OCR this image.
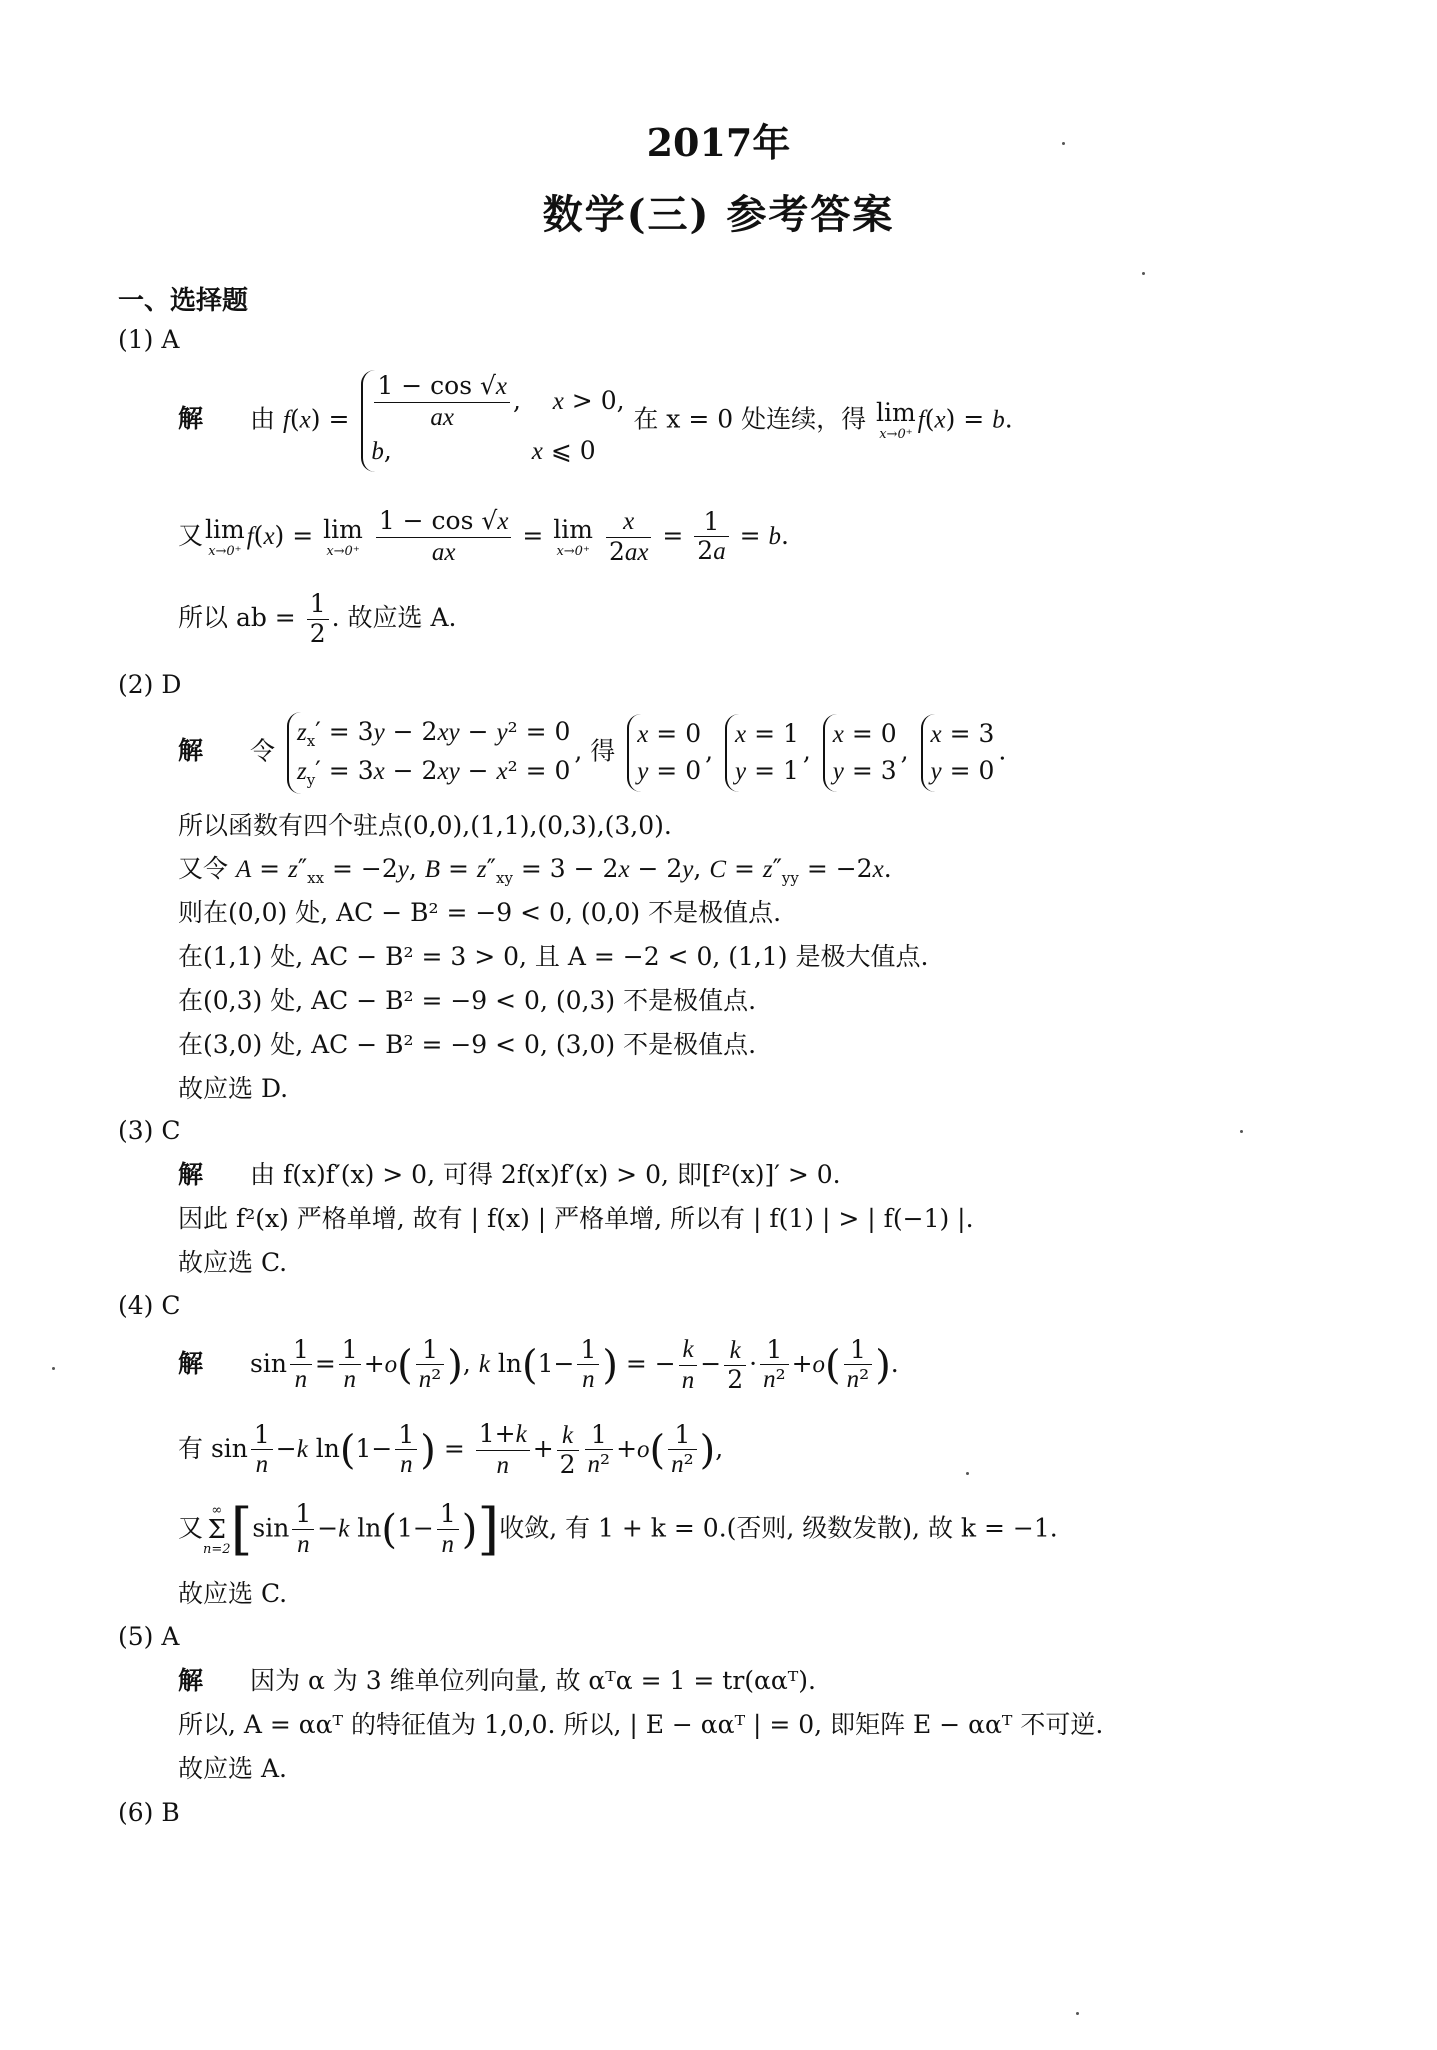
2017年
数学(三) 参考答案
一、选择题
(1) A
解 由 $f(x) = \frac{1 - \cos √x}{ax}$ ,    x > 0,
b,	x ⩽ 0
在 x = 0 处连续，得 lim
x→0⁺
f(x) = b.
又 lim
x→0⁺
f(x) = lim
x→0⁺
$\frac{1 - \cos √x}{ax} = \lim$
x→0⁺
$\frac{x}{2ax} = \frac{1}{2a} = b$.
所以 ab = $\frac{1}{2}$ . 故应选 A.
(2) D
解 令
$z_x' = 3y - 2xy - y^2 = 0$
$z_y' = 3x - 2xy - x^2 = 0$
, 得
x = 0
y = 0
,
x = 1
y = 1
,
x = 0
y = 3
,
x = 3
y = 0
.
所以函数有四个驻点(0,0),(1,1),(0,3),(3,0).
又令 $A = z''_{xx} = -2y$, $B = z''_{xy} = 3 - 2x - 2y$, $C = z''_{yy} = -2x$.
则在(0,0) 处, AC − B² = −9 < 0, (0,0) 不是极值点.
在(1,1) 处, AC − B² = 3 > 0, 且 A = −2 < 0, (1,1) 是极大值点.
在(0,3) 处, AC − B² = −9 < 0, (0,3) 不是极值点.
在(3,0) 处, AC − B² = −9 < 0, (3,0) 不是极值点.
故应选 D.
(3) C
解 由 f(x)f′(x) > 0, 可得 2f(x)f′(x) > 0, 即[f²(x)]′ > 0.
因此 f²(x) 严格单增, 故有 | f(x) | 严格单增, 所以有 | f(1) | > | f(−1) |.
故应选 C.
(4) C
解 $\sin \frac{1}{n} = \frac{1}{n} +o( \frac{1}{\text{n²}}$ ), k $\ln(1- \frac{1}{n}$ ) = − $\frac{k}{n} - \frac{k}{2} \cdot \frac{1}{\text{n²}} +o( \frac{1}{\text{n²}}$ ).
有 $\sin \frac{1}{n} -k$ $\ln(1- \frac{1}{n}$ ) = $\frac{1+k}{n} + \frac{k}{2} \frac{1}{\text{n²}} +o( \frac{1}{\text{n²}}$ ),
又
∞
Σ
n=2 [$\sin \frac{1}{n} -k$ $\ln(1- \frac{1}{n}$ )]收敛, 有 1 + k = 0.(否则, 级数发散), 故 k = −1.
故应选 C.
(5) A
解 因为 α 为 3 维单位列向量, 故 αᵀα = 1 = tr(ααᵀ).
所以, A = ααᵀ 的特征值为 1,0,0. 所以, | E − ααᵀ | = 0, 即矩阵 E − ααᵀ 不可逆.
故应选 A.
(6) B
